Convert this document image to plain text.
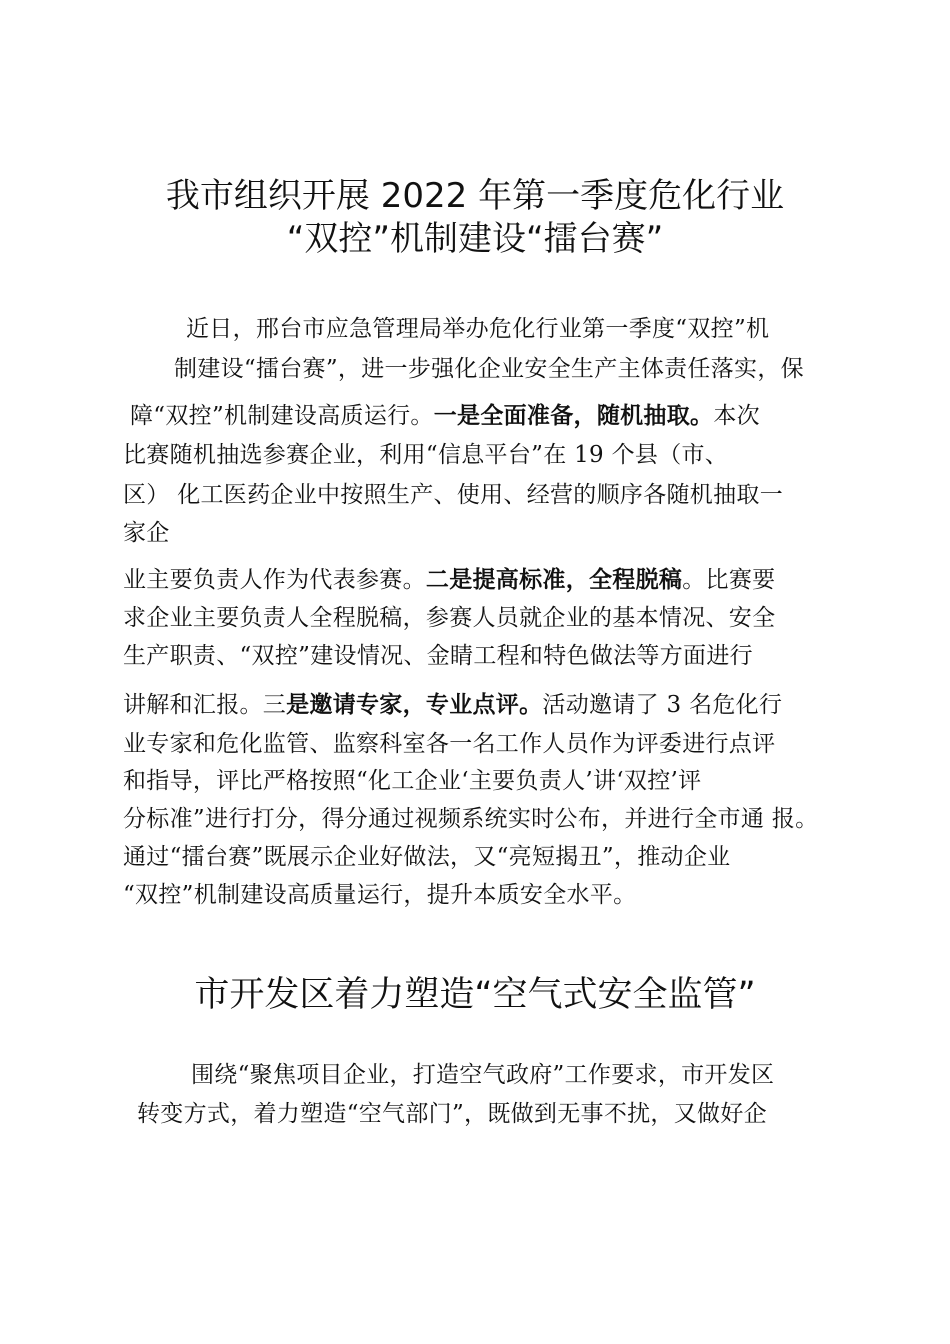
我市组织开展 2022 年第一季度危化行业
“双控”机制建设“擂台赛”
近日，邢台市应急管理局举办危化行业第一季度“双控”机
制建设“擂台赛”，进一步强化企业安全生产主体责任落实，保
障“双控”机制建设高质运行。一是全面准备，随机抽取。本次
比赛随机抽选参赛企业，利用“信息平台”在 19 个县（市、
区） 化工医药企业中按照生产、使用、经营的顺序各随机抽取一
家企
业主要负责人作为代表参赛。二是提高标准，全程脱稿。比赛要
求企业主要负责人全程脱稿，参赛人员就企业的基本情况、安全
生产职责、“双控”建设情况、金睛工程和特色做法等方面进行
讲解和汇报。三是邀请专家，专业点评。活动邀请了 3 名危化行
业专家和危化监管、监察科室各一名工作人员作为评委进行点评
和指导，评比严格按照“化工企业‘主要负责人’讲‘双控’评
分标准”进行打分，得分通过视频系统实时公布，并进行全市通 报。
通过“擂台赛”既展示企业好做法，又“亮短揭丑”，推动企业
“双控”机制建设高质量运行，提升本质安全水平。
市开发区着力塑造“空气式安全监管”
围绕“聚焦项目企业，打造空气政府”工作要求，市开发区
转变方式，着力塑造“空气部门”，既做到无事不扰，又做好企
